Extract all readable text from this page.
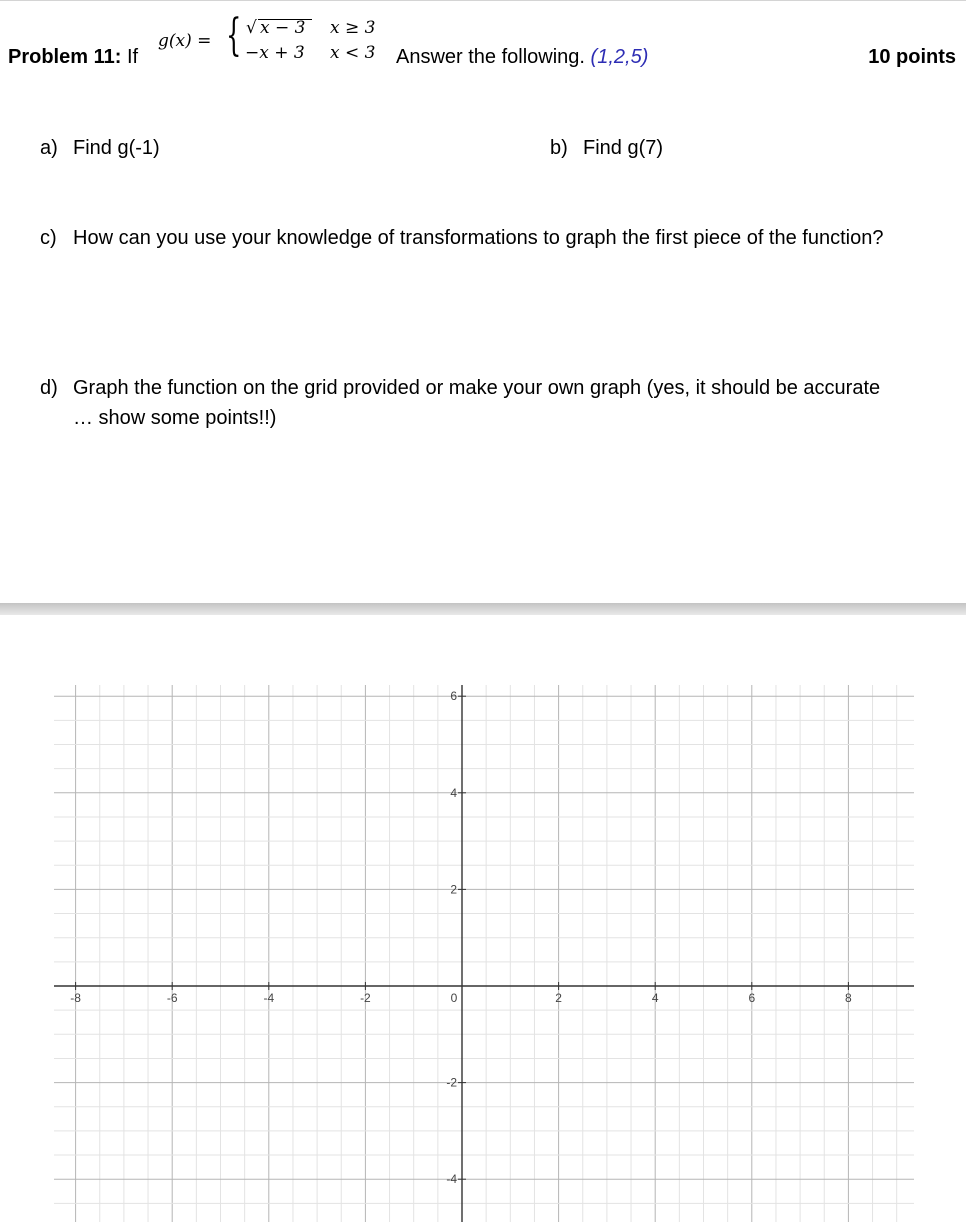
Problem 11: If
g(x) = { √ x − 3 x ≥ 3
−x + 3 x < 3 Answer the following. (1,2,5)	10 points
a) Find g(-1)	b) Find g(7)
c) How can you use your knowledge of transformations to graph the first piece of the function?
d) Graph the function on the grid provided or make your own graph (yes, it should be accurate
… show some points!!)
-8	-6	-4	-2	0	2	4	6	8
6
4
2
-2
-4
